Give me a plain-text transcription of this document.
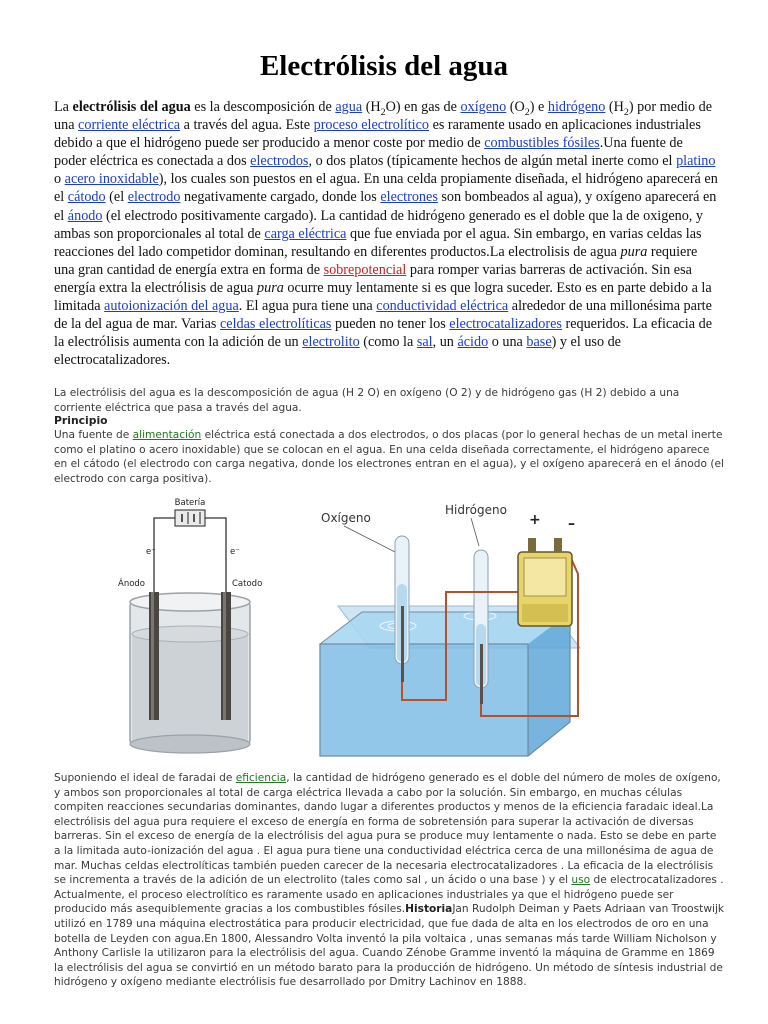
Electrólisis del agua

La electrólisis del agua es la descomposición de agua $(H_2O)$ en gas de oxígeno $(O_2)$ e hidrógeno $(H_2)$ por medio de una corriente eléctrica a través del agua. Este proceso electrolítico es raramente usado en aplicaciones industriales debido a que el hidrógeno puede ser producido a menor coste por medio de combustibles fósiles.Una fuente de poder eléctrica es conectada a dos electrodos, o dos platos (típicamente hechos de algún metal inerte como el platino o acero inoxidable), los cuales son puestos en el agua. En una celda propiamente diseñada, el hidrógeno aparecerá en el cátodo (el electrodo negativamente cargado, donde los electrones son bombeados al agua), y oxígeno aparecerá en el ánodo (el electrodo positivamente cargado). La cantidad de hidrógeno generado es el doble que la de oxigeno, y ambas son proporcionales al total de carga eléctrica que fue enviada por el agua. Sin embargo, en varias celdas las reacciones del lado competidor dominan, resultando en diferentes productos.La electrolisis de agua pura requiere una gran cantidad de energía extra en forma de sobrepotencial para romper varias barreras de activación. Sin esa energía extra la electrólisis de agua pura ocurre muy lentamente si es que logra suceder. Esto es en parte debido a la limitada autoionización del agua. El agua pura tiene una conductividad eléctrica alrededor de una millonésima parte de la del agua de mar. Varias celdas electrolíticas pueden no tener los electrocatalizadores requeridos. La eficacia de la electrólisis aumenta con la adición de un electrolito (como la sal, un ácido o una base) y el uso de electrocatalizadores.

La electrólisis del agua es la descomposición de agua (H 2 O) en oxígeno (O 2) y de hidrógeno gas (H 2) debido a una corriente eléctrica que pasa a través del agua.

Principio

Una fuente de alimentación eléctrica está conectada a dos electrodos, o dos placas (por lo general hechas de un metal inerte como el platino o acero inoxidable) que se colocan en el agua. En una celda diseñada correctamente, el hidrógeno aparece en el cátodo (el electrodo con carga negativa, donde los electrones entran en el agua), y el oxígeno aparecerá en el ánodo (el electrodo con carga positiva).

Batería
e⁻	e⁻
Ánodo	Catodo
Oxígeno
Hidrógeno
+ –

Suponiendo el ideal de faradai de eficiencia, la cantidad de hidrógeno generado es el doble del número de moles de oxígeno, y ambos son proporcionales al total de carga eléctrica llevada a cabo por la solución. Sin embargo, en muchas células compiten reacciones secundarias dominantes, dando lugar a diferentes productos y menos de la eficiencia faradaic ideal.La electrólisis del agua pura requiere el exceso de energía en forma de sobretensión para superar la activación de diversas barreras. Sin el exceso de energía de la electrólisis del agua pura se produce muy lentamente o nada. Esto se debe en parte a la limitada auto-ionización del agua . El agua pura tiene una conductividad eléctrica cerca de una millonésima de agua de mar. Muchas celdas electrolíticas también pueden carecer de la necesaria electrocatalizadores . La eficacia de la electrólisis se incrementa a través de la adición de un electrolito (tales como sal , un ácido o una base ) y el uso de electrocatalizadores . Actualmente, el proceso electrolítico es raramente usado en aplicaciones industriales ya que el hidrógeno puede ser producido más asequiblemente gracias a los combustibles fósiles.HistoriaJan Rudolph Deiman y Paets Adriaan van Troostwijk utilizó en 1789 una máquina electrostática para producir electricidad, que fue dada de alta en los electrodos de oro en una botella de Leyden con agua.En 1800, Alessandro Volta inventó la pila voltaica , unas semanas más tarde William Nicholson y Anthony Carlisle la utilizaron para la electrólisis del agua. Cuando Zénobe Gramme inventó la máquina de Gramme en 1869 la electrólisis del agua se convirtió en un método barato para la producción de hidrógeno. Un método de síntesis industrial de hidrógeno y oxígeno mediante electrólisis fue desarrollado por Dmitry Lachinov en 1888.
